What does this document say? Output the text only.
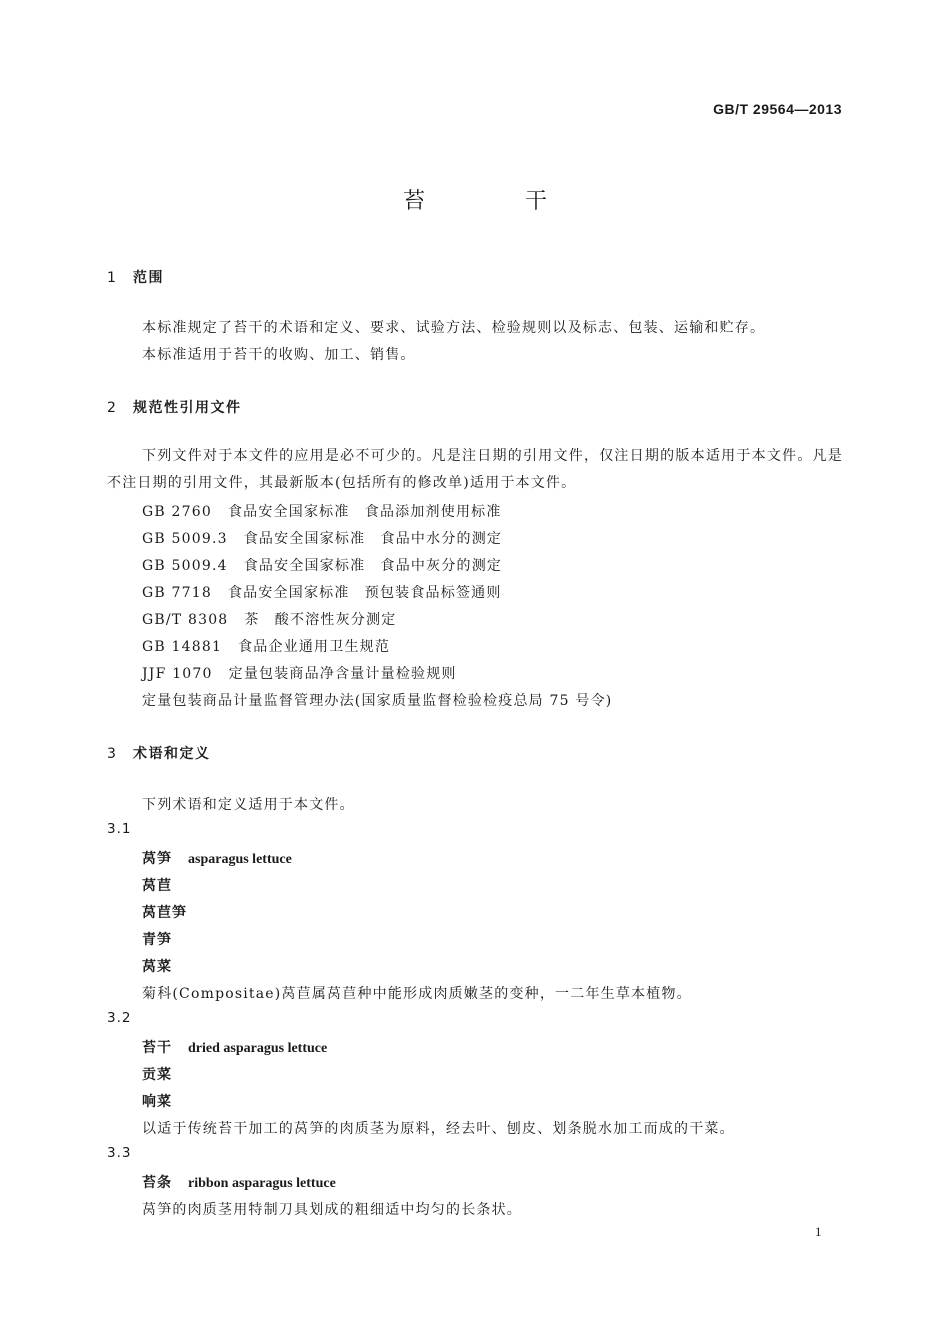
GB/T 29564—2013
苔	干
1 范围
本标准规定了苔干的术语和定义、要求、试验方法、检验规则以及标志、包装、运输和贮存。
本标准适用于苔干的收购、加工、销售。
2 规范性引用文件
下列文件对于本文件的应用是必不可少的。凡是注日期的引用文件，仅注日期的版本适用于本文件。凡是不注日期的引用文件，其最新版本(包括所有的修改单)适用于本文件。
GB 2760 食品安全国家标准　食品添加剂使用标准
GB 5009.3 食品安全国家标准　食品中水分的测定
GB 5009.4 食品安全国家标准　食品中灰分的测定
GB 7718 食品安全国家标准　预包装食品标签通则
GB/T 8308 茶　酸不溶性灰分测定
GB 14881 食品企业通用卫生规范
JJF 1070 定量包装商品净含量计量检验规则
定量包装商品计量监督管理办法(国家质量监督检验检疫总局 75 号令)
3 术语和定义
下列术语和定义适用于本文件。
3.1
莴笋 asparagus lettuce
莴苣
莴苣笋
青笋
莴菜
菊科(Compositae)莴苣属莴苣种中能形成肉质嫩茎的变种，一二年生草本植物。
3.2
苔干 dried asparagus lettuce
贡菜
响菜
以适于传统苔干加工的莴笋的肉质茎为原料，经去叶、刨皮、划条脱水加工而成的干菜。
3.3
苔条 ribbon asparagus lettuce
莴笋的肉质茎用特制刀具划成的粗细适中均匀的长条状。
1
